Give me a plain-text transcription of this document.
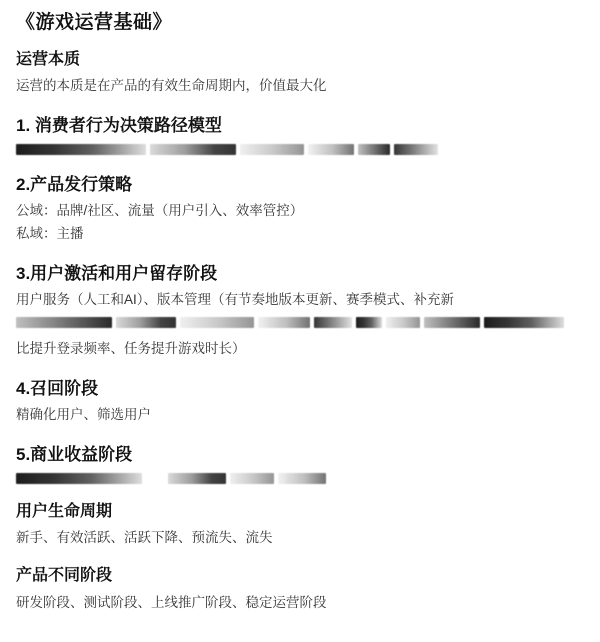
《游戏运营基础》
运营本质
运营的本质是在产品的有效生命周期内，价值最大化
1. 消费者行为决策路径模型
2.产品发行策略
公域：品牌/社区、流量（用户引入、效率管控）
私域：主播
3.用户激活和用户留存阶段
用户服务（人工和AI）、版本管理（有节奏地版本更新、赛季模式、补充新
比提升登录频率、任务提升游戏时长）
4.召回阶段
精确化用户、筛选用户
5.商业收益阶段
用户生命周期
新手、有效活跃、活跃下降、预流失、流失
产品不同阶段
研发阶段、测试阶段、上线推广阶段、稳定运营阶段
